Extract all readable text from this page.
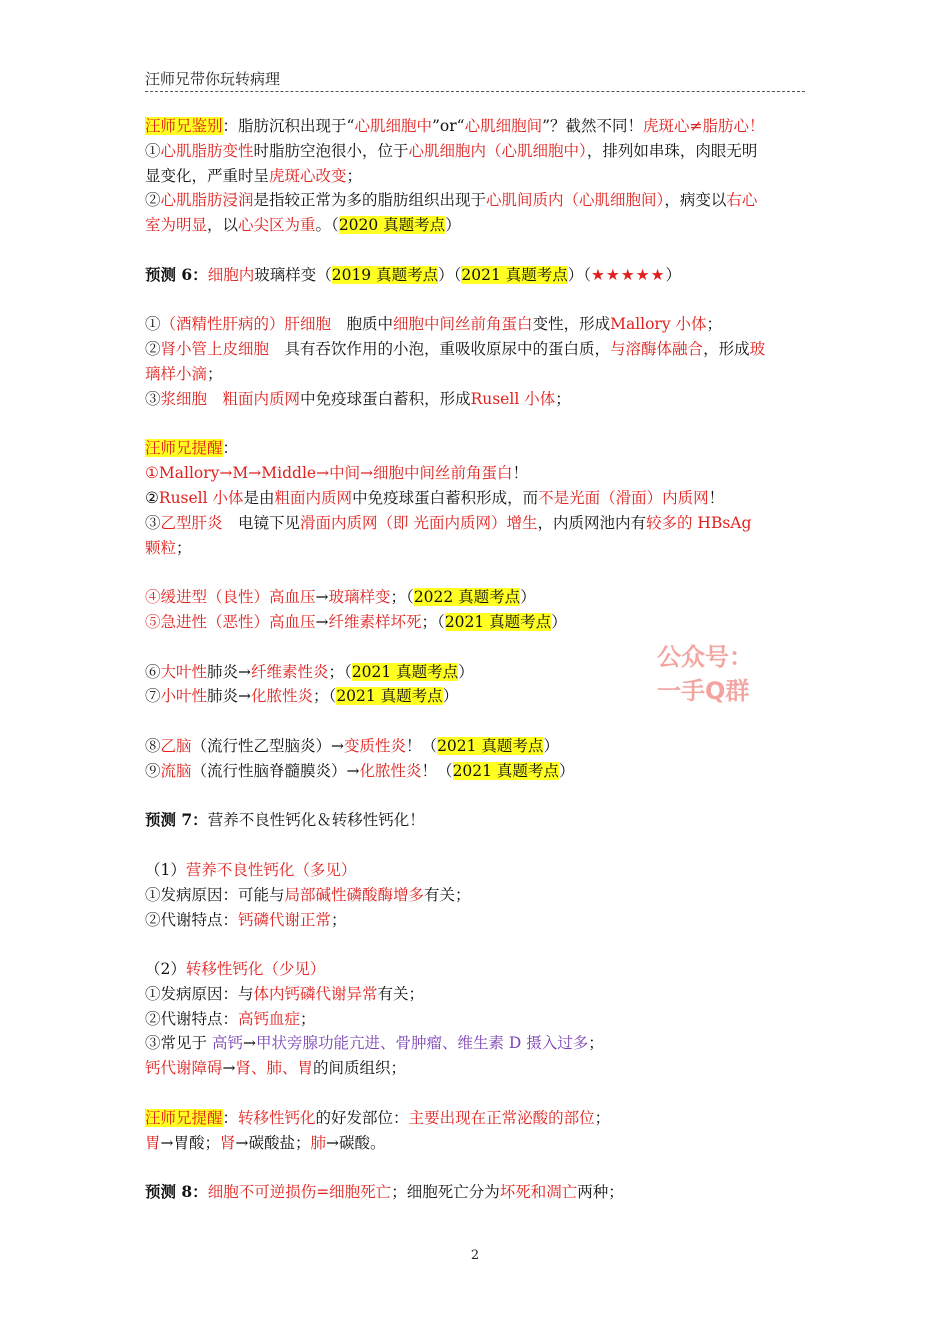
汪师兄带你玩转病理
汪师兄鉴别：脂肪沉积出现于“心肌细胞中”or“心肌细胞间”？截然不同！虎斑心≠脂肪心！
①心肌脂肪变性时脂肪空泡很小，位于心肌细胞内（心肌细胞中），排列如串珠，肉眼无明
显变化，严重时呈虎斑心改变；
②心肌脂肪浸润是指较正常为多的脂肪组织出现于心肌间质内（心肌细胞间），病变以右心
室为明显，以心尖区为重。（2020 真题考点）
预测 6：细胞内玻璃样变（2019 真题考点）（2021 真题考点）（★★★★★）
①（酒精性肝病的）肝细胞　胞质中细胞中间丝前角蛋白变性，形成Mallory 小体；
②肾小管上皮细胞　具有吞饮作用的小泡，重吸收原尿中的蛋白质，与溶酶体融合，形成玻
璃样小滴；
③浆细胞　 粗面内质网中免疫球蛋白蓄积，形成Rusell 小体；
汪师兄提醒：
①Mallory→M→Middle→中间→细胞中间丝前角蛋白！
②Rusell 小体是由粗面内质网中免疫球蛋白蓄积形成，而不是光面（滑面）内质网！
③乙型肝炎　电镜下见滑面内质网（即 光面内质网）增生，内质网池内有较多的 HBsAg
颗粒；
④缓进型（良性）高血压→玻璃样变；（2022 真题考点）
⑤急进性（恶性）高血压→纤维素样坏死；（2021 真题考点）
⑥大叶性肺炎→纤维素性炎；（2021 真题考点）
⑦小叶性肺炎→化脓性炎；（2021 真题考点）
⑧乙脑（流行性乙型脑炎）→变质性炎！（2021 真题考点）
⑨流脑（流行性脑脊髓膜炎）→化脓性炎！（2021 真题考点）
预测 7：营养不良性钙化＆转移性钙化！
（1）营养不良性钙化（多见）
①发病原因：可能与局部碱性磷酸酶增多有关；
②代谢特点：钙磷代谢正常；
（2）转移性钙化（少见）
①发病原因：与体内钙磷代谢异常有关；
②代谢特点：高钙血症；
③常见于 高钙→甲状旁腺功能亢进、骨肿瘤、维生素 D 摄入过多；
钙代谢障碍→肾、肺、胃的间质组织；
汪师兄提醒：转移性钙化的好发部位：主要出现在正常泌酸的部位；
胃→胃酸；肾→碳酸盐；肺→碳酸。
预测 8：细胞不可逆损伤=细胞死亡；细胞死亡分为坏死和凋亡两种；
公众号：
一手Q群
2
